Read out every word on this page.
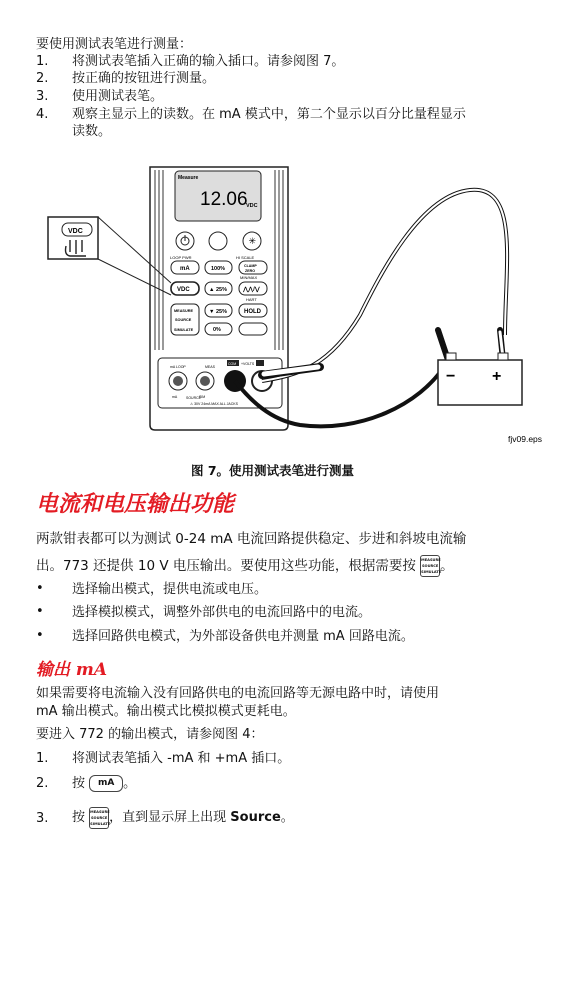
要使用测试表笔进行测量：
1. 将测试表笔插入正确的输入插口。请参阅图 7。
2. 按正确的按钮进行测量。
3. 使用测试表笔。
4. 观察主显示上的读数。在 mA 模式中，第二个显示以百分比量程显示
读数。
Measure
12.06
VDC
✳
LOOP PWR	HI SCALE
mA	100%	CLAMP
ZERO
VDC	▲ 25%
MIN/MAX
⋀⋀/⋁
HART
MEASURE
SOURCE
SIMULATE
▼ 25%	HOLD
0%
mA LOOP	MEAS
COM +VOLTS
mA	SIM
SOURCE
⚠ 30V 24mA MAX ALL JACKS
− +
VDC
fjv09.eps
图 7。使用测试表笔进行测量
电流和电压输出功能
两款钳表都可以为测试 0-24 mA 电流回路提供稳定、步进和斜坡电流输
出。773 还提供 10 V 电压输出。要使用这些功能，根据需要按 MEASURE
SOURCE
SIMULATE。
• 选择输出模式，提供电流或电压。
• 选择模拟模式，调整外部供电的电流回路中的电流。
• 选择回路供电模式，为外部设备供电并测量 mA 回路电流。
输出 mA
如果需要将电流输入没有回路供电的电流回路等无源电路中时，请使用
mA 输出模式。输出模式比模拟模式更耗电。
要进入 772 的输出模式，请参阅图 4：
1. 将测试表笔插入 -mA 和 +mA 插口。
2. 按 mA 。
3. 按 MEASURE
SOURCE
SIMULATE，直到显示屏上出现 Source。
